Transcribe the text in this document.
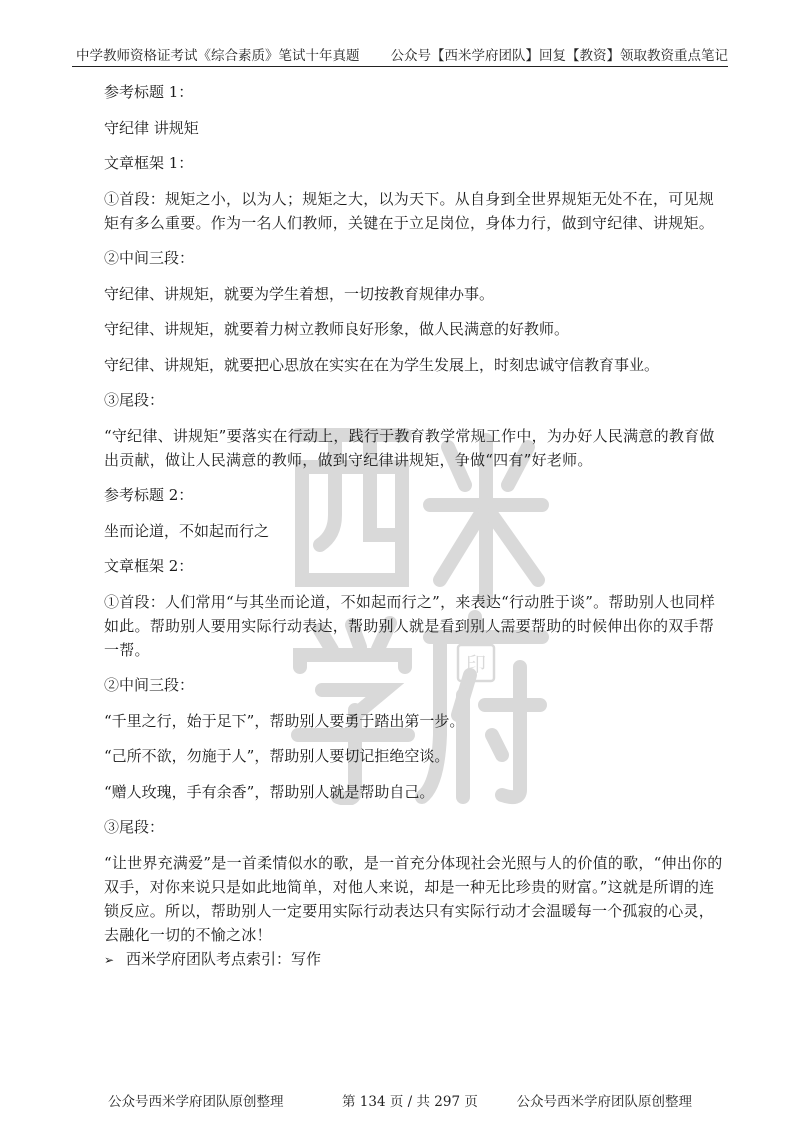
中学教师资格证考试《综合素质》笔试十年真题 公众号【西米学府团队】回复【教资】领取教资重点笔记
印

参考标题 1：

守纪律 讲规矩

文章框架 1：

①首段：规矩之小，以为人；规矩之大，以为天下。从自身到全世界规矩无处不在，可见规矩有多么重要。作为一名人们教师，关键在于立足岗位，身体力行，做到守纪律、讲规矩。

②中间三段：

守纪律、讲规矩，就要为学生着想，一切按教育规律办事。

守纪律、讲规矩，就要着力树立教师良好形象，做人民满意的好教师。

守纪律、讲规矩，就要把心思放在实实在在为学生发展上，时刻忠诚守信教育事业。

③尾段：

“守纪律、讲规矩”要落实在行动上，践行于教育教学常规工作中，为办好人民满意的教育做出贡献，做让人民满意的教师，做到守纪律讲规矩，争做“四有”好老师。

参考标题 2：

坐而论道，不如起而行之

文章框架 2：

①首段：人们常用“与其坐而论道，不如起而行之”，来表达“行动胜于谈”。帮助别人也同样如此。帮助别人要用实际行动表达，帮助别人就是看到别人需要帮助的时候伸出你的双手帮一帮。

②中间三段：

“千里之行，始于足下”，帮助别人要勇于踏出第一步。

“己所不欲，勿施于人”，帮助别人要切记拒绝空谈。

“赠人玫瑰，手有余香”，帮助别人就是帮助自己。

③尾段：

“让世界充满爱”是一首柔情似水的歌，是一首充分体现社会光照与人的价值的歌，“伸出你的双手，对你来说只是如此地简单，对他人来说，却是一种无比珍贵的财富。”这就是所谓的连锁反应。所以，帮助别人一定要用实际行动表达只有实际行动才会温暖每一个孤寂的心灵，去融化一切的不愉之冰！

➢ 西米学府团队考点索引：写作

公众号西米学府团队原创整理	第 134 页 / 共 297 页	公众号西米学府团队原创整理
